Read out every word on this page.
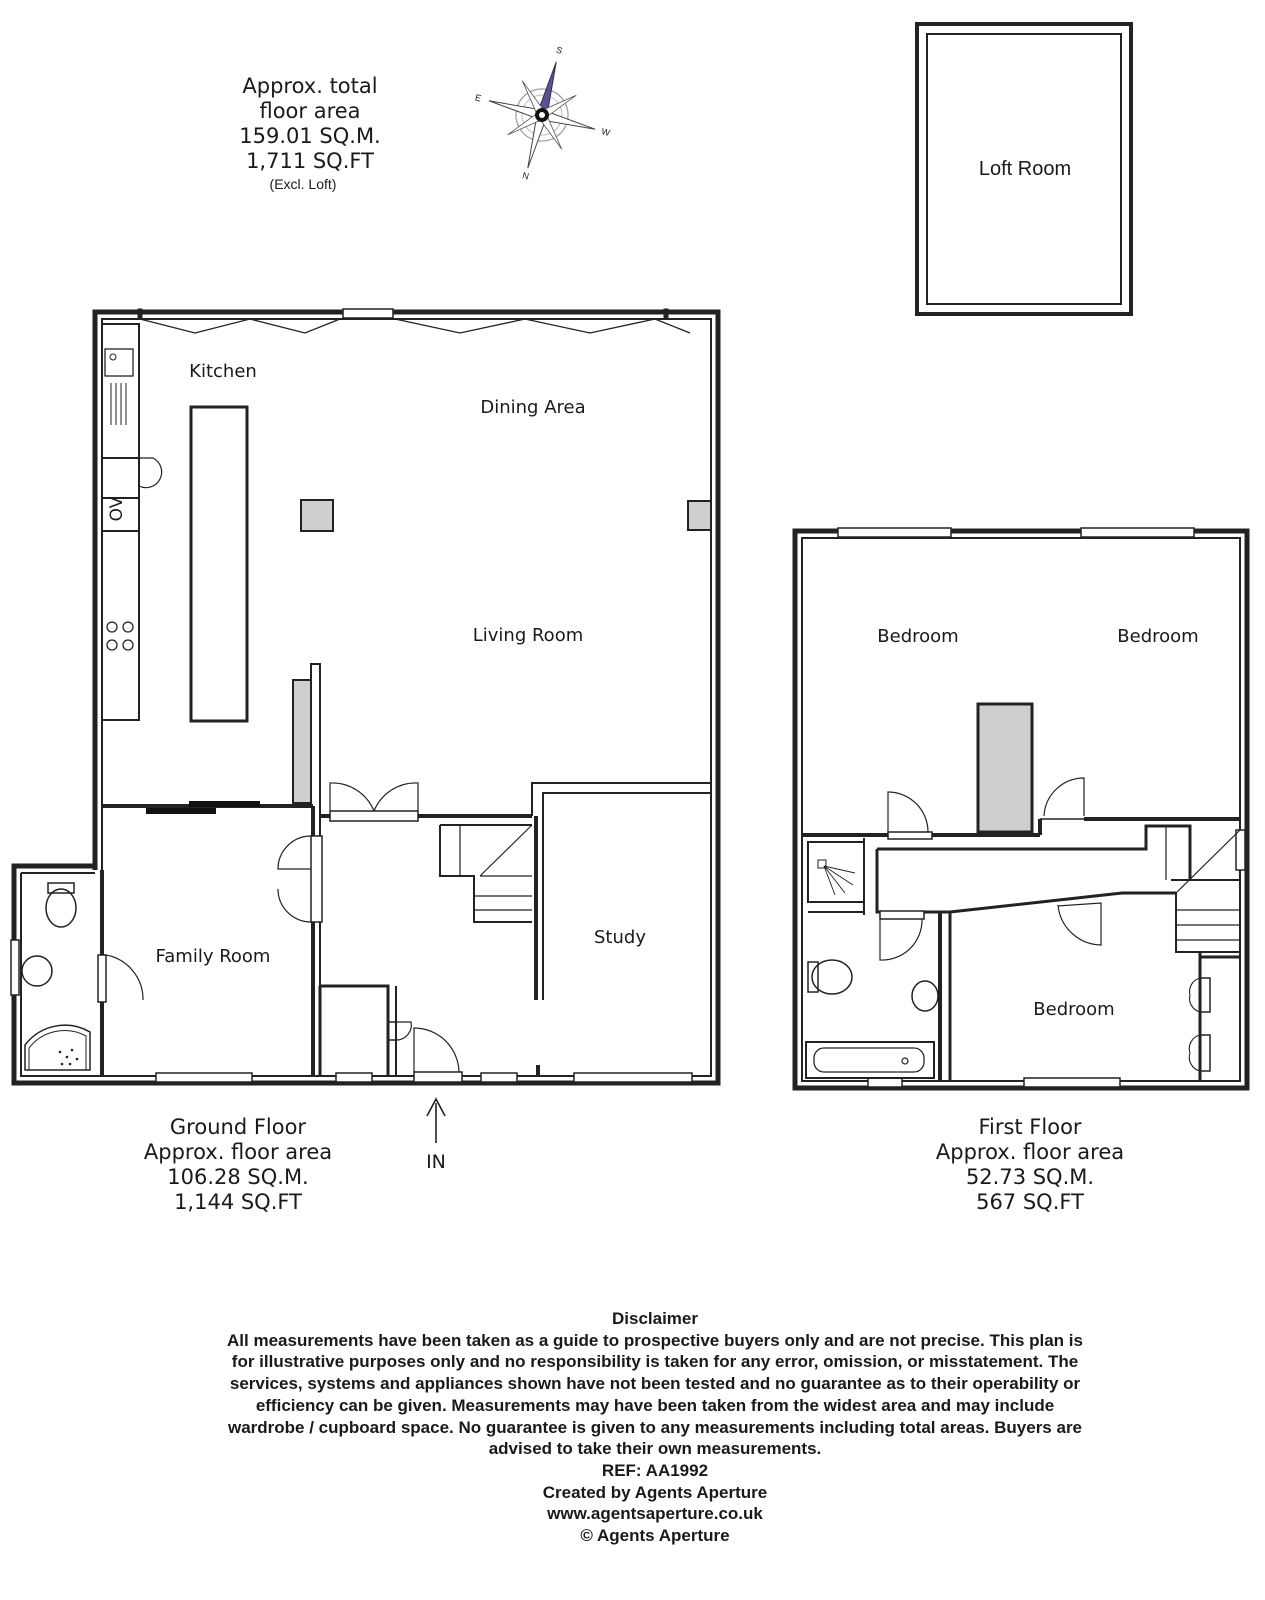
Approx. total
floor area
159.01 SQ.M.
1,711 SQ.FT
(Excl. Loft)
N
S
E
W
Loft Room
Kitchen
Dining Area
Living Room
Family Room
Study
OV
IN
Ground Floor
Approx. floor area
106.28 SQ.M.
1,144 SQ.FT
Bedroom	Bedroom
Bedroom
First Floor
Approx. floor area
52.73 SQ.M.
567 SQ.FT
Disclaimer
All measurements have been taken as a guide to prospective buyers only and are not precise. This plan is
for illustrative purposes only and no responsibility is taken for any error, omission, or misstatement. The
services, systems and appliances shown have not been tested and no guarantee as to their operability or
efficiency can be given. Measurements may have been taken from the widest area and may include
wardrobe / cupboard space. No guarantee is given to any measurements including total areas. Buyers are
advised to take their own measurements.
REF: AA1992
Created by Agents Aperture
www.agentsaperture.co.uk
© Agents Aperture
